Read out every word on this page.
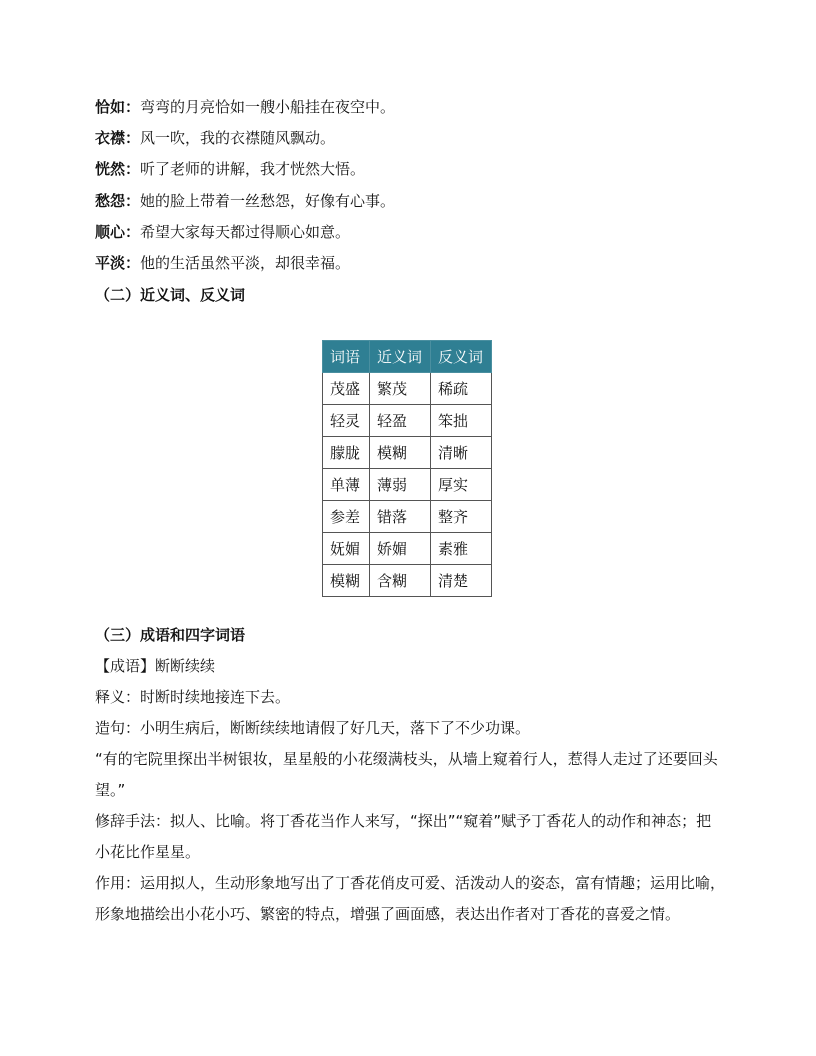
恰如：弯弯的月亮恰如一艘小船挂在夜空中。
衣襟：风一吹，我的衣襟随风飘动。
恍然：听了老师的讲解，我才恍然大悟。
愁怨：她的脸上带着一丝愁怨，好像有心事。
顺心：希望大家每天都过得顺心如意。
平淡：他的生活虽然平淡，却很幸福。
（二）近义词、反义词
词语	近义词	反义词
茂盛	繁茂	稀疏
轻灵	轻盈	笨拙
朦胧	模糊	清晰
单薄	薄弱	厚实
参差	错落	整齐
妩媚	娇媚	素雅
模糊	含糊	清楚
（三）成语和四字词语
【成语】断断续续
释义：时断时续地接连下去。
造句：小明生病后，断断续续地请假了好几天，落下了不少功课。
“有的宅院里探出半树银妆，星星般的小花缀满枝头，从墙上窥着行人，惹得人走过了还要回头望。”
修辞手法：拟人、比喻。将丁香花当作人来写，“探出”“窥着”赋予丁香花人的动作和神态；把小花比作星星。
作用：运用拟人，生动形象地写出了丁香花俏皮可爱、活泼动人的姿态，富有情趣；运用比喻，形象地描绘出小花小巧、繁密的特点，增强了画面感，表达出作者对丁香花的喜爱之情。
